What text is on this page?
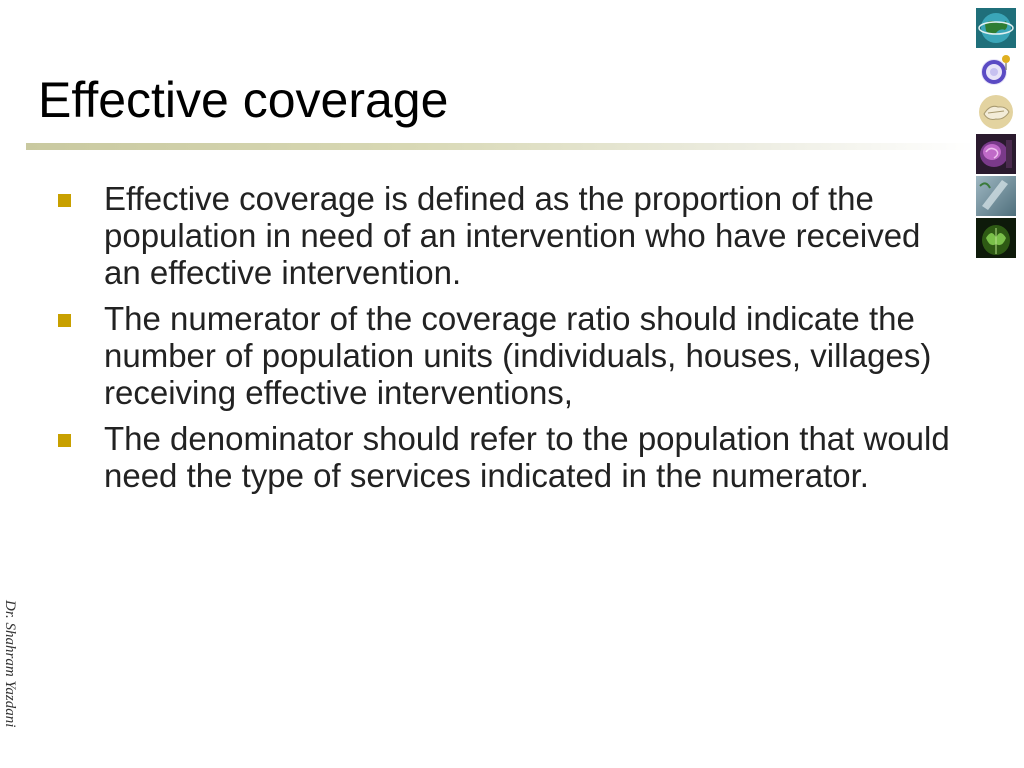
Effective coverage
Effective coverage is defined as the proportion of the population in need of an intervention who have received an effective intervention.
The numerator of the coverage ratio should indicate the number of population units (individuals, houses, villages) receiving effective interventions,
The denominator should refer to the population that would need the type of services indicated in the numerator.
Dr. Shahram Yazdani
